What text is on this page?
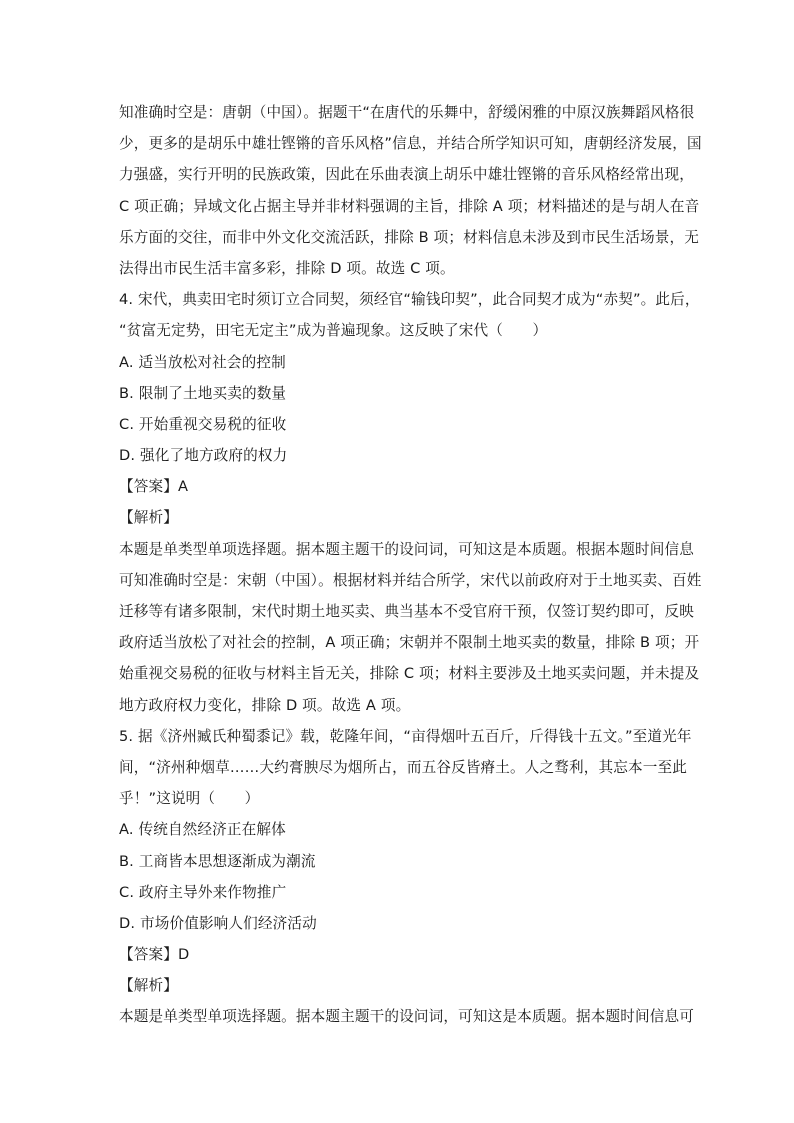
知准确时空是：唐朝（中国）。据题干“在唐代的乐舞中，舒缓闲雅的中原汉族舞蹈风格很
少，更多的是胡乐中雄壮铿锵的音乐风格”信息，并结合所学知识可知，唐朝经济发展，国
力强盛，实行开明的民族政策，因此在乐曲表演上胡乐中雄壮铿锵的音乐风格经常出现，
C 项正确；异域文化占据主导并非材料强调的主旨，排除 A 项；材料描述的是与胡人在音
乐方面的交往，而非中外文化交流活跃，排除 B 项；材料信息未涉及到市民生活场景，无
法得出市民生活丰富多彩，排除 D 项。故选 C 项。
4. 宋代，典卖田宅时须订立合同契，须经官“输钱印契”，此合同契才成为“赤契”。此后，
“贫富无定势，田宅无定主”成为普遍现象。这反映了宋代（　　）
A. 适当放松对社会的控制
B. 限制了土地买卖的数量
C. 开始重视交易税的征收
D. 强化了地方政府的权力
【答案】A
【解析】
本题是单类型单项选择题。据本题主题干的设问词，可知这是本质题。根据本题时间信息
可知准确时空是：宋朝（中国）。根据材料并结合所学，宋代以前政府对于土地买卖、百姓
迁移等有诸多限制，宋代时期土地买卖、典当基本不受官府干预，仅签订契约即可，反映
政府适当放松了对社会的控制，A 项正确；宋朝并不限制土地买卖的数量，排除 B 项；开
始重视交易税的征收与材料主旨无关，排除 C 项；材料主要涉及土地买卖问题，并未提及
地方政府权力变化，排除 D 项。故选 A 项。
5. 据《济州臧氏种蜀黍记》载，乾隆年间，“亩得烟叶五百斤，斤得钱十五文。”至道光年
间，“济州种烟草……大约膏腴尽为烟所占，而五谷反皆瘠土。人之骛利，其忘本一至此
乎！”这说明（　　）
A. 传统自然经济正在解体
B. 工商皆本思想逐渐成为潮流
C. 政府主导外来作物推广
D. 市场价值影响人们经济活动
【答案】D
【解析】
本题是单类型单项选择题。据本题主题干的设问词，可知这是本质题。据本题时间信息可
